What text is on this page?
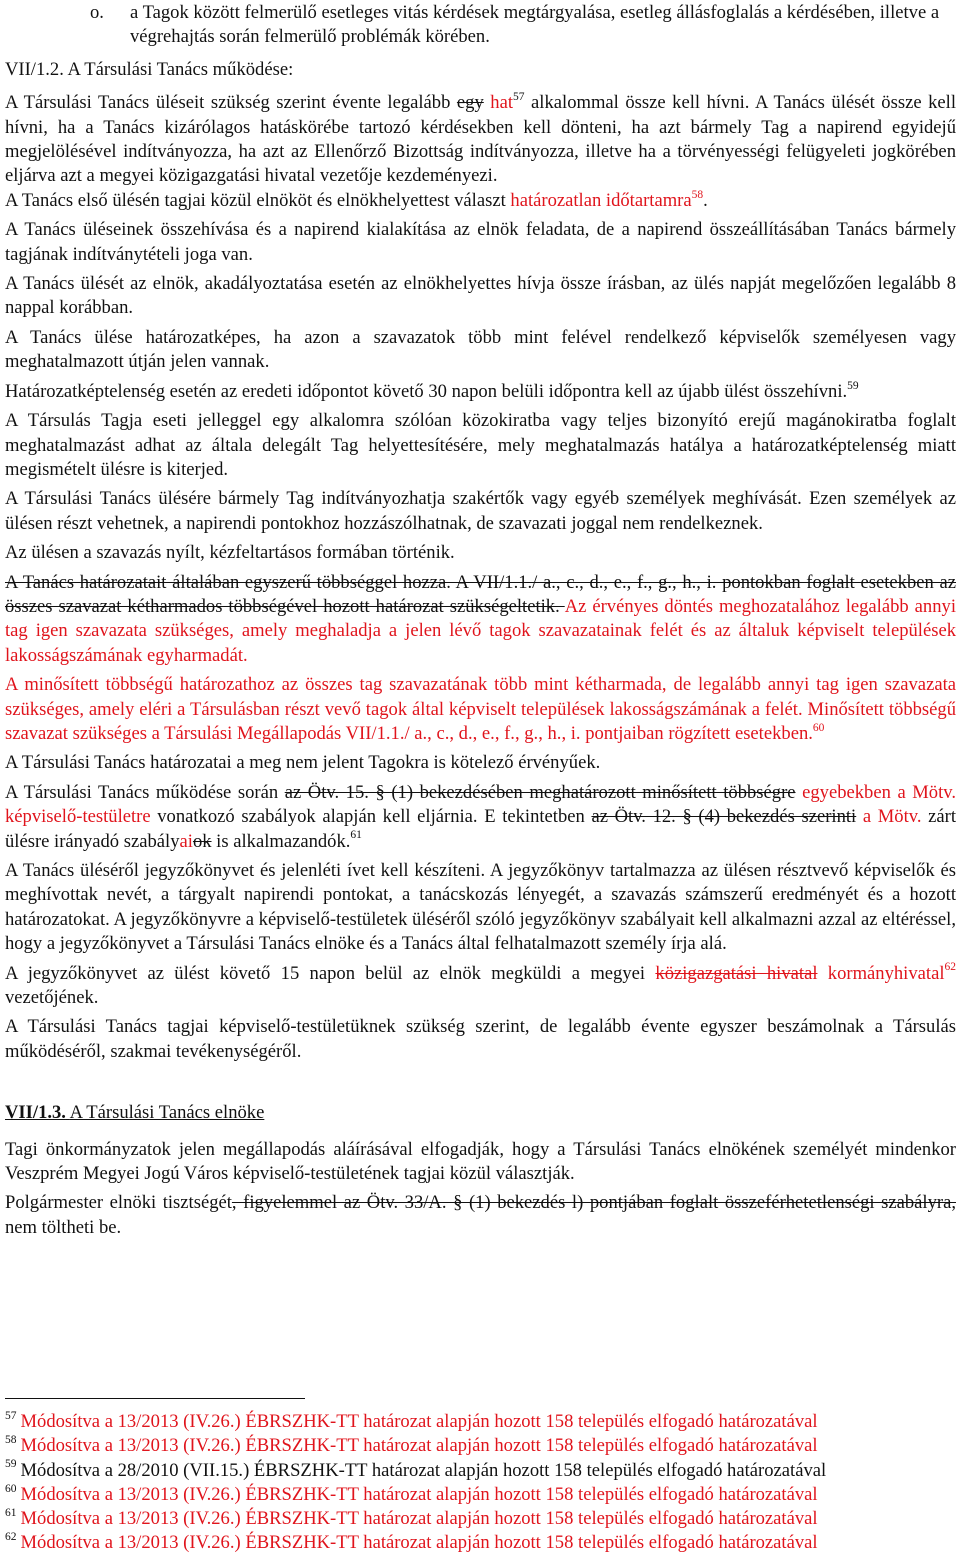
o.	a Tagok között felmerülő esetleges vitás kérdések megtárgyalása, esetleg állásfoglalás a kérdésében, illetve a végrehajtás során felmerülő problémák körében.

VII/1.2. A Társulási Tanács működése:

A Társulási Tanács üléseit szükség szerint évente legalább egy hat$^{57}$ alkalommal össze kell hívni. A Tanács ülését össze kell hívni, ha a Tanács kizárólagos hatáskörébe tartozó kérdésekben kell dönteni, ha azt bármely Tag a napirend egyidejű megjelölésével indítványozza, ha azt az Ellenőrző Bizottság indítványozza, illetve ha a törvényességi felügyeleti jogkörében eljárva azt a megyei közigazgatási hivatal vezetője kezdeményezi.

A Tanács első ülésén tagjai közül elnököt és elnökhelyettest választ határozatlan időtartamra$^{58}$.

A Tanács üléseinek összehívása és a napirend kialakítása az elnök feladata, de a napirend összeállításában Tanács bármely tagjának indítványtételi joga van.

A Tanács ülését az elnök, akadályoztatása esetén az elnökhelyettes hívja össze írásban, az ülés napját megelőzően legalább 8 nappal korábban.

A Tanács ülése határozatképes, ha azon a szavazatok több mint felével rendelkező képviselők személyesen vagy meghatalmazott útján jelen vannak.

Határozatképtelenség esetén az eredeti időpontot követő 30 napon belüli időpontra kell az újabb ülést összehívni.$^{59}$

A Társulás Tagja eseti jelleggel egy alkalomra szólóan közokiratba vagy teljes bizonyító erejű magánokiratba foglalt meghatalmazást adhat az általa delegált Tag helyettesítésére, mely meghatalmazás hatálya a határozatképtelenség miatt megismételt ülésre is kiterjed.

A Társulási Tanács ülésére bármely Tag indítványozhatja szakértők vagy egyéb személyek meghívását. Ezen személyek az ülésen részt vehetnek, a napirendi pontokhoz hozzászólhatnak, de szavazati joggal nem rendelkeznek.

Az ülésen a szavazás nyílt, kézfeltartásos formában történik.

A Tanács határozatait általában egyszerű többséggel hozza. A VII/1.1./ a., c., d., e., f., g., h., i. pontokban foglalt esetekben az összes szavazat kétharmados többségével hozott határozat szükségeltetik. Az érvényes döntés meghozatalához legalább annyi tag igen szavazata szükséges, amely meghaladja a jelen lévő tagok szavazatainak felét és az általuk képviselt települések lakosságszámának egyharmadát.

A minősített többségű határozathoz az összes tag szavazatának több mint kétharmada, de legalább annyi tag igen szavazata szükséges, amely eléri a Társulásban részt vevő tagok által képviselt települések lakosságszámának a felét. Minősített többségű szavazat szükséges a Társulási Megállapodás VII/1.1./ a., c., d., e., f., g., h., i. pontjaiban rögzített esetekben.$^{60}$

A Társulási Tanács határozatai a meg nem jelent Tagokra is kötelező érvényűek.

A Társulási Tanács működése során az Ötv. 15. § (1) bekezdésében meghatározott minősített többségre egyebekben a Mötv. képviselő-testületre vonatkozó szabályok alapján kell eljárnia. E tekintetben az Ötv. 12. § (4) bekezdés szerinti a Mötv. zárt ülésre irányadó szabályaiok is alkalmazandók.$^{61}$

A Tanács üléséről jegyzőkönyvet és jelenléti ívet kell készíteni. A jegyzőkönyv tartalmazza az ülésen résztvevő képviselők és meghívottak nevét, a tárgyalt napirendi pontokat, a tanácskozás lényegét, a szavazás számszerű eredményét és a hozott határozatokat. A jegyzőkönyvre a képviselő-testületek üléséről szóló jegyzőkönyv szabályait kell alkalmazni azzal az eltéréssel, hogy a jegyzőkönyvet a Társulási Tanács elnöke és a Tanács által felhatalmazott személy írja alá.

A jegyzőkönyvet az ülést követő 15 napon belül az elnök megküldi a megyei közigazgatási hivatal kormányhivatal$^{62}$ vezetőjének.

A Társulási Tanács tagjai képviselő-testületüknek szükség szerint, de legalább évente egyszer beszámolnak a Társulás működéséről, szakmai tevékenységéről.

VII/1.3. A Társulási Tanács elnöke

Tagi önkormányzatok jelen megállapodás aláírásával elfogadják, hogy a Társulási Tanács elnökének személyét mindenkor Veszprém Megyei Jogú Város képviselő-testületének tagjai közül választják.

Polgármester elnöki tisztségét, figyelemmel az Ötv. 33/A. § (1) bekezdés l) pontjában foglalt összeférhetetlenségi szabályra, nem töltheti be.

$^{57}$ Módosítva a 13/2013 (IV.26.) ÉBRSZHK-TT határozat alapján hozott 158 település elfogadó határozatával
$^{58}$ Módosítva a 13/2013 (IV.26.) ÉBRSZHK-TT határozat alapján hozott 158 település elfogadó határozatával
$^{59}$ Módosítva a 28/2010 (VII.15.) ÉBRSZHK-TT határozat alapján hozott 158 település elfogadó határozatával
$^{60}$ Módosítva a 13/2013 (IV.26.) ÉBRSZHK-TT határozat alapján hozott 158 település elfogadó határozatával
$^{61}$ Módosítva a 13/2013 (IV.26.) ÉBRSZHK-TT határozat alapján hozott 158 település elfogadó határozatával
$^{62}$ Módosítva a 13/2013 (IV.26.) ÉBRSZHK-TT határozat alapján hozott 158 település elfogadó határozatával
